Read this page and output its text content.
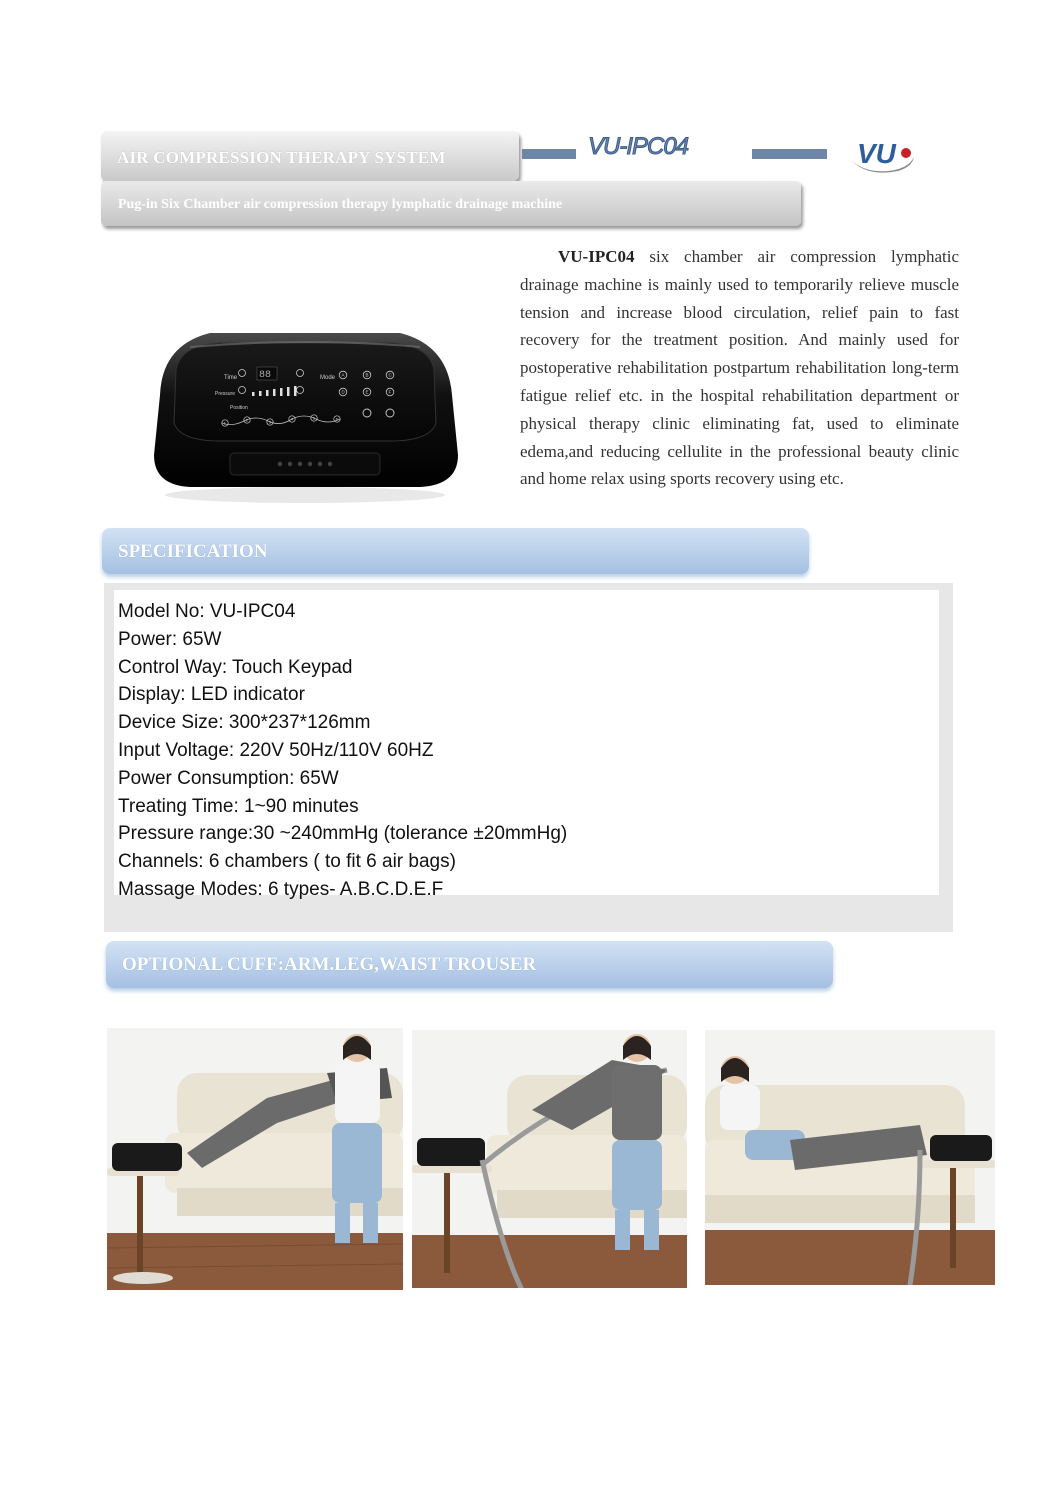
AIR COMPRESSION THERAPY SYSTEM
Pug-in Six Chamber air compression therapy lymphatic drainage machine
VU-IPC04	VU
Time	Mode
Pressure
Position
88	A	B	C
D	E	F
1
2	3
4	5	6
VU-IPC04 six chamber air compression lymphatic drainage machine is mainly used to temporarily relieve muscle tension and increase blood circulation, relief pain to fast recovery for the treatment position. And mainly used for postoperative rehabilitation postpartum rehabilitation long-term fatigue relief etc. in the hospital rehabilitation department or physical therapy clinic eliminating fat, used to eliminate edema,and reducing cellulite in the professional beauty clinic and home relax using sports recovery using etc.
SPECIFICATION
Model No: VU-IPC04
Power: 65W
Control Way: Touch Keypad
Display: LED indicator
Device Size: 300*237*126mm
Input Voltage: 220V 50Hz/110V 60HZ
Power Consumption: 65W
Treating Time: 1~90 minutes
Pressure range:30 ~240mmHg (tolerance ±20mmHg)
Channels: 6 chambers ( to fit 6 air bags)
Massage Modes: 6 types- A.B.C.D.E.F
OPTIONAL CUFF:ARM.LEG,WAIST TROUSER
